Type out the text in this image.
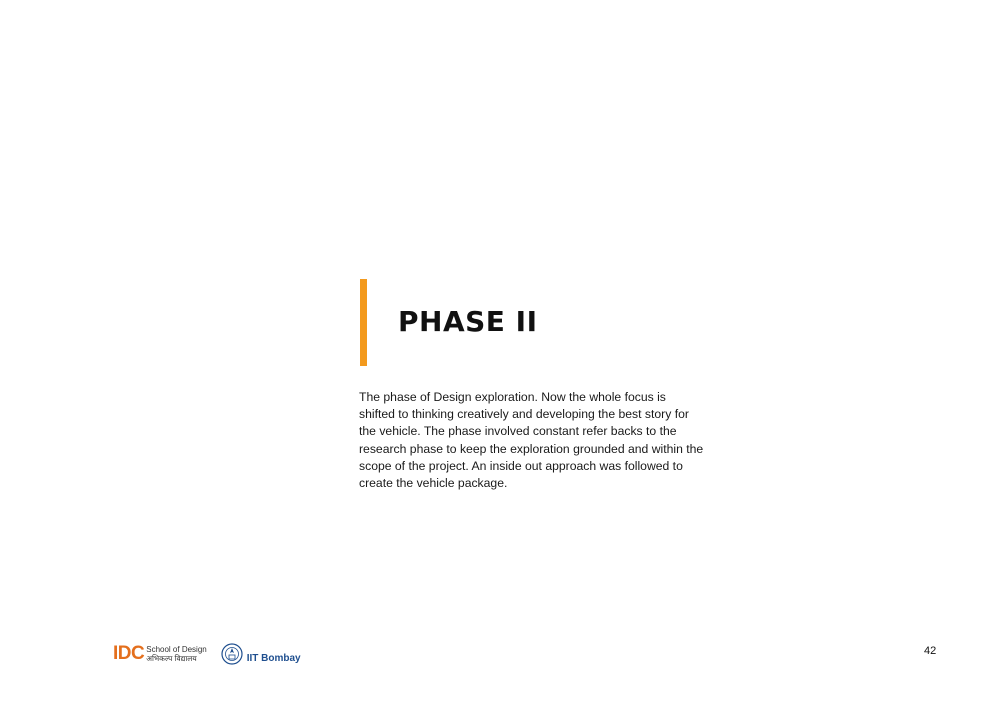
PHASE II

The phase of Design exploration. Now the whole focus is shifted to thinking creatively and developing the best story for the vehicle. The phase involved constant refer backs to the research phase to keep the exploration grounded and within the scope of the project. An inside out approach was followed to create the vehicle package.

IDC School of Design
अभिकल्प विद्यालय	IIT Bombay
42
